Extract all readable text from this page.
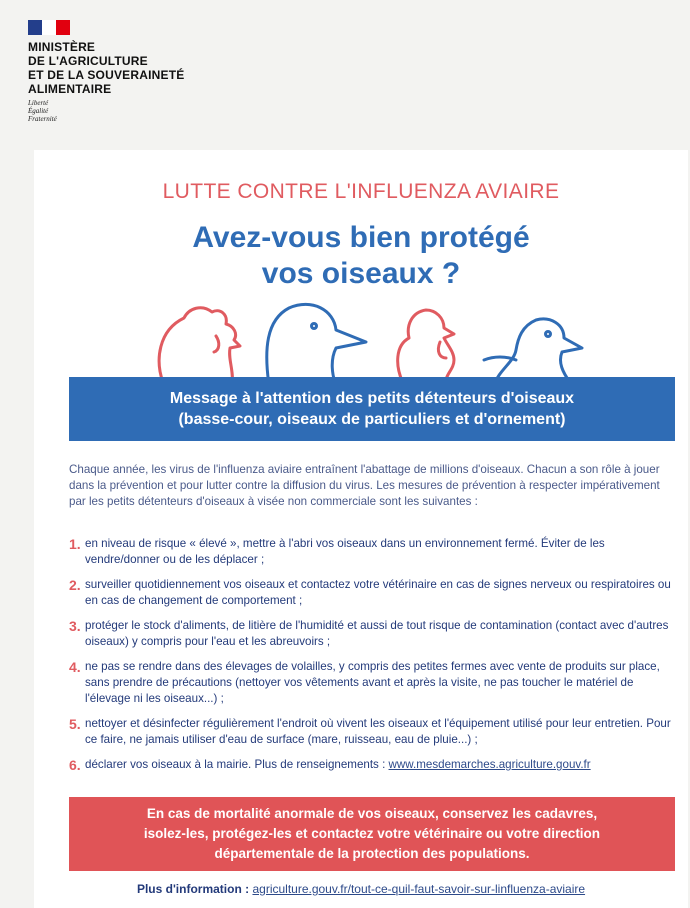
MINISTÈRE
DE L'AGRICULTURE
ET DE LA SOUVERAINETÉ
ALIMENTAIRE
Liberté
Égalité
Fraternité
LUTTE CONTRE L'INFLUENZA AVIAIRE
Avez-vous bien protégé
vos oiseaux ?
Message à l'attention des petits détenteurs d'oiseaux
(basse-cour, oiseaux de particuliers et d'ornement)
Chaque année, les virus de l'influenza aviaire entraînent l'abattage de millions d'oiseaux. Chacun a son rôle à jouer dans la prévention et pour lutter contre la diffusion du virus. Les mesures de prévention à respecter impérativement par les petits détenteurs d'oiseaux à visée non commerciale sont les suivantes :
1. en niveau de risque « élevé », mettre à l'abri vos oiseaux dans un environnement fermé. Éviter de les vendre/donner ou de les déplacer ;
2. surveiller quotidiennement vos oiseaux et contactez votre vétérinaire en cas de signes nerveux ou respiratoires ou en cas de changement de comportement ;
3. protéger le stock d'aliments, de litière de l'humidité et aussi de tout risque de contamination (contact avec d'autres oiseaux) y compris pour l'eau et les abreuvoirs ;
4. ne pas se rendre dans des élevages de volailles, y compris des petites fermes avec vente de produits sur place, sans prendre de précautions (nettoyer vos vêtements avant et après la visite, ne pas toucher le matériel de l'élevage ni les oiseaux...) ;
5. nettoyer et désinfecter régulièrement l'endroit où vivent les oiseaux et l'équipement utilisé pour leur entretien. Pour ce faire, ne jamais utiliser d'eau de surface (mare, ruisseau, eau de pluie...) ;
6. déclarer vos oiseaux à la mairie. Plus de renseignements : www.mesdemarches.agriculture.gouv.fr
En cas de mortalité anormale de vos oiseaux, conservez les cadavres,
isolez-les, protégez-les et contactez votre vétérinaire ou votre direction
départementale de la protection des populations.
Plus d'information : agriculture.gouv.fr/tout-ce-quil-faut-savoir-sur-linfluenza-aviaire
